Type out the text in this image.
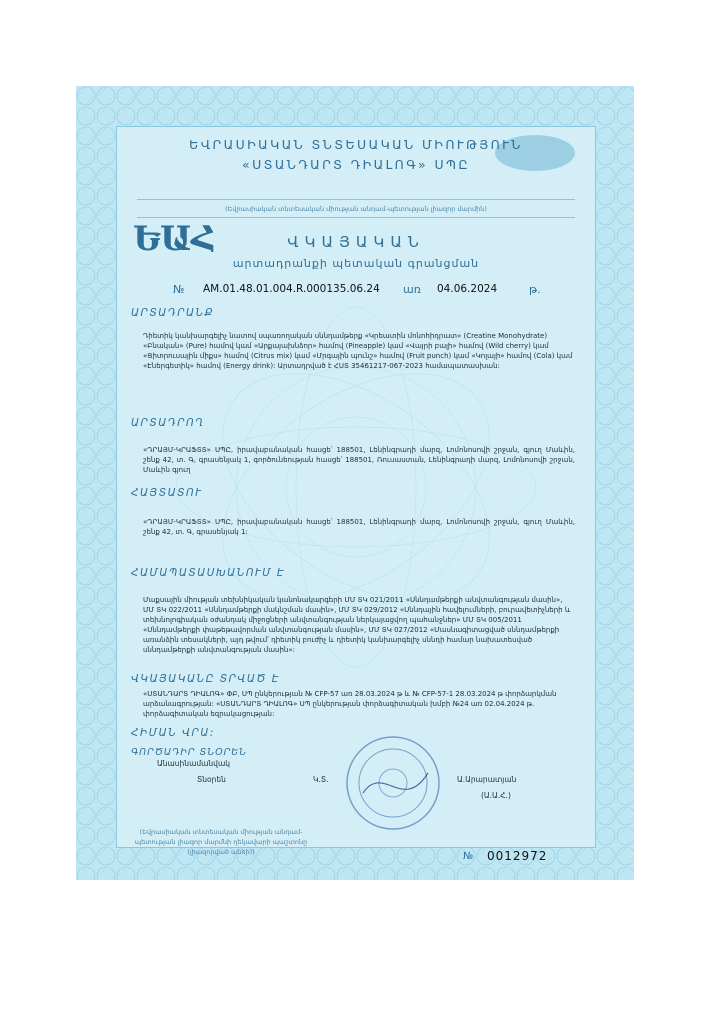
ԵՎՐԱՍԻԱԿԱՆ ՏՆՏԵՍԱԿԱՆ ՄԻՈՒԹՅՈՒՆ
«ՍՏԱՆԴԱՐՏ ԴԻԱԼՈԳ» ՍՊԸ
(Եվրասիական տնտեսական միության անդամ-պետության լիազոր մարմին)
ԵԱՀ	ՎԿԱՅԱԿԱՆ
արտադրանքի պետական գրանցման
№ AM.01.48.01.004.R.000135.06.24 առ 04.06.2024	թ.
ԱՐՏԱԴՐԱՆՔ
Դիետիկ կանխարգելիչ նատով սպառողական սննդամթերք «Կրեատին մոնոհիդրատ» (Creatine Monohydrate) «Բնական» (Pure) համով կամ «Արքայախնձոր» համով (Pineapple) կամ «Վայրի բալի» համով (Wild cherry) կամ «Ցիտրուսային միքս» համով (Citrus mix) կամ «Մրգային պունշ» համով (Fruit punch) կամ «Կոլայի» համով (Cola) կամ «Էներգետիկ» համով (Energy drink): Արտադրված է ՀՍՏ 35461217-067-2023 համապատասխան:
ԱՐՏԱԴՐՈՂ
«ԴՐԱՅՄ-ԿՐԱՖՏՏ» ՍՊԸ, իրավաբանական հասցե՝ 188501, Լենինգրադի մարզ, Լոմոնոսովի շրջան, գյուղ Մաևին, շենք 42, տ. Գ, գրասենյակ 1, գործունեության հասցե՝ 188501, Ռուսաստան, Լենինգրադի մարզ, Լոմոնոսովի շրջան, Մաևին գյուղ
ՀԱՅՏԱՏՈՒ
«ԴՐԱՅՄ-ԿՐԱՖՏՏ» ՍՊԸ, իրավաբանական հասցե՝ 188501, Լենինգրադի մարզ, Լոմոնոսովի շրջան, գյուղ Մաևին, շենք 42, տ. Գ, գրասենյակ 1:
ՀԱՄԱՊԱՏԱՍԽԱՆՈՒՄ Է
Մաքսային միության տեխնիկական կանոնակարգերի ՄՄ ՏԿ 021/2011 «Սննդամթերքի անվտանգության մասին», ՄՄ ՏԿ 022/2011 «Սննդամթերքի մակնշման մասին», ՄՄ ՏԿ 029/2012 «Սննդային հավելումների, բուրավետիչների և տեխնոլոգիական օժանդակ միջոցների անվտանգության ներկայացվող պահանջներ» ՄՄ ՏԿ 005/2011 «Սննդամթերքի փաթեթավորման անվտանգության մասին», ՄՄ ՏԿ 027/2012 «Մասնագիտացված սննդամթերքի առանձին տեսակների, այդ թվում՝ դիետիկ բուժիչ և դիետիկ կանխարգելիչ սննդի համար նախատեսված սննդամթերքի անվտանգության մասին»:
ՎԿԱՅԱԿԱՆԸ ՏՐՎԱԾ Է
«ՍՏԱՆԴԱՐՏ ԴԻԱԼՈԳ» ՓԲ, ՍՊ ընկերության № CFP-57 առ 28.03.2024 թ և № CFP-57-1 28.03.2024 թ փորձարկման արձանագրության: «ՍՏԱՆԴԱՐՏ ԴԻԱԼՈԳ» ՍՊ ընկերության փորձագիտական խմբի №24 առ 02.04.2024 թ. փորձագիտական եզրակացության:
ՀԻՄԱՆ ՎՐԱ:
ԳՈՐԾԱԴԻՐ ՏՆՕՐԵՆ
Անասինամանվակ
Տնօրեն	Կ.Տ.	Ա.Արարատյան
(Ա.Ա.Հ.)
(Եվրասիական տնտեսական միության անդամ-պետության լիազոր մարմնի ղեկավարի պաշտոնը (լիազորված անձի))	№ 0012972
